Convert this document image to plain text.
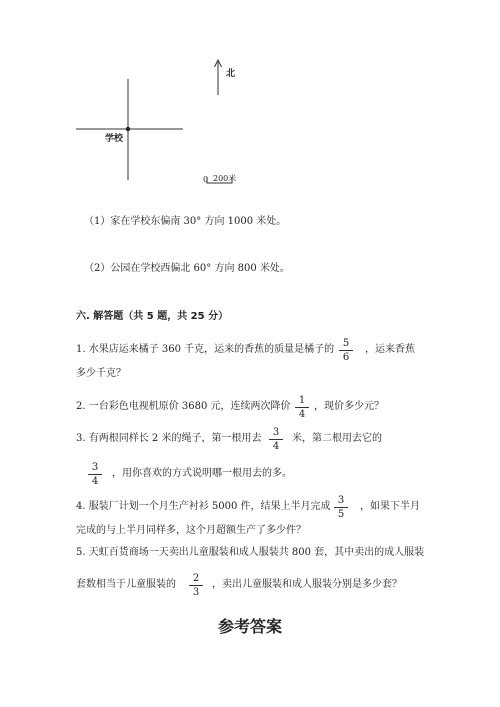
北
学校
0 200米
（1）家在学校东偏南 30° 方向 1000 米处。
（2）公园在学校西偏北 60° 方向 800 米处。
六. 解答题（共 5 题，共 25 分）
1. 水果店运来橘子 360 千克，运来的香蕉的质量是橘子的
5
6
，运来香蕉
多少千克？
2. 一台彩色电视机原价 3680 元，连续两次降价
1
4
，现价多少元？
3. 有两根同样长 2 米的绳子，第一根用去
3
4
米，第二根用去它的
3
4
，用你喜欢的方式说明哪一根用去的多。
4. 服装厂计划一个月生产衬衫 5000 件，结果上半月完成
3
5
，如果下半月
完成的与上半月同样多，这个月超额生产了多少件？
5. 天虹百货商场一天卖出儿童服装和成人服装共 800 套，其中卖出的成人服装
套数相当于儿童服装的
2
3
，卖出儿童服装和成人服装分别是多少套？
参考答案
